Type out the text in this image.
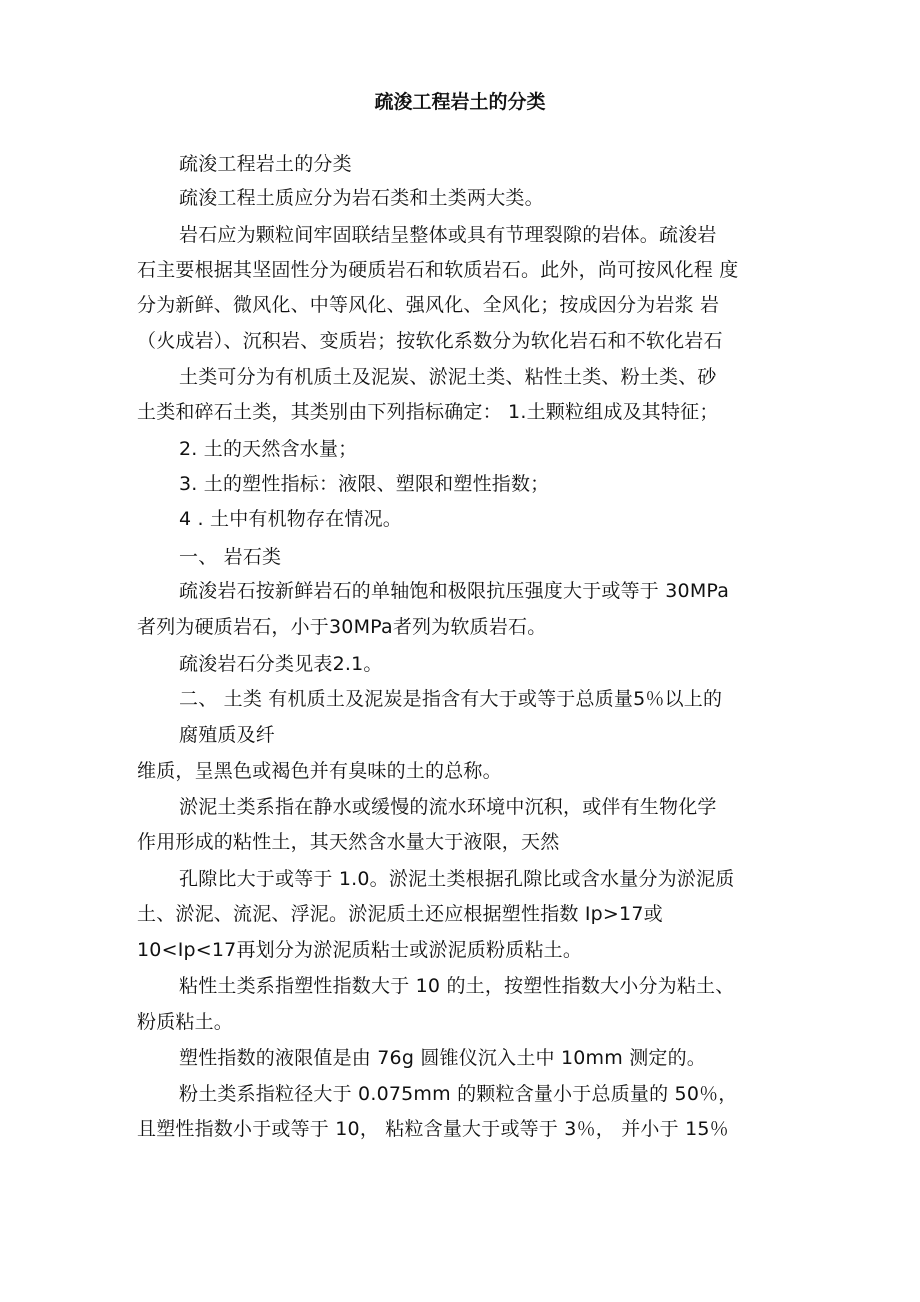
疏浚工程岩土的分类
疏浚工程岩土的分类
疏浚工程土质应分为岩石类和土类两大类。
岩石应为颗粒间牢固联结呈整体或具有节理裂隙的岩体。疏浚岩
石主要根据其坚固性分为硬质岩石和软质岩石。此外，尚可按风化程 度
分为新鲜、微风化、中等风化、强风化、全风化；按成因分为岩浆 岩
（火成岩）、沉积岩、变质岩；按软化系数分为软化岩石和不软化岩石
土类可分为有机质土及泥炭、淤泥土类、粘性土类、粉土类、砂
土类和碎石土类，其类别由下列指标确定： 1.土颗粒组成及其特征；
2. 土的天然含水量；
3. 土的塑性指标：液限、塑限和塑性指数；
4 . 土中有机物存在情况。
一、 岩石类
疏浚岩石按新鲜岩石的单轴饱和极限抗压强度大于或等于 30MPa
者列为硬质岩石，小于30MPa者列为软质岩石。
疏浚岩石分类见表2.1。
二、 土类 有机质土及泥炭是指含有大于或等于总质量5％以上的
腐殖质及纤
维质，呈黑色或褐色并有臭味的土的总称。
淤泥土类系指在静水或缓慢的流水环境中沉积，或伴有生物化学
作用形成的粘性土，其天然含水量大于液限，天然
孔隙比大于或等于 1.0。淤泥土类根据孔隙比或含水量分为淤泥质
土、淤泥、流泥、浮泥。淤泥质土还应根据塑性指数 Ip>17或
10<Ip<17再划分为淤泥质粘士或淤泥质粉质粘土。
粘性土类系指塑性指数大于 10 的土，按塑性指数大小分为粘土、
粉质粘土。
塑性指数的液限值是由 76g 圆锥仪沉入土中 10mm 测定的。
粉土类系指粒径大于 0.075mm 的颗粒含量小于总质量的 50％，
且塑性指数小于或等于 10， 粘粒含量大于或等于 3％， 并小于 15％
